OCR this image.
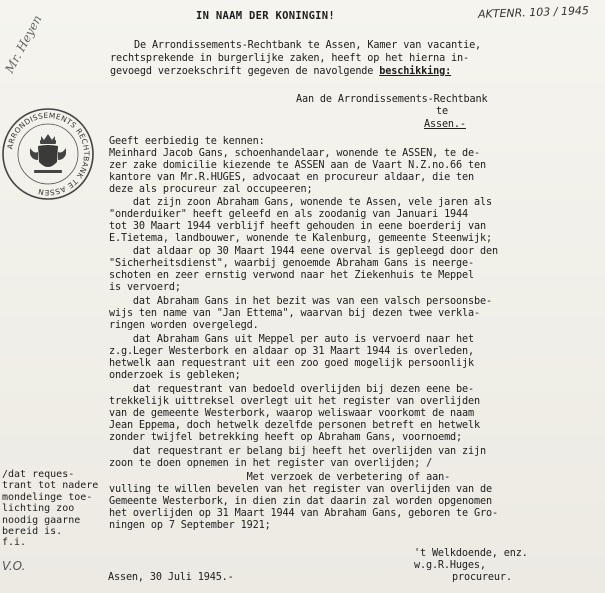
Mr. Heyen	IN NAAM DER KONINGIN!	AKTENR. 103 / 1945
ARRONDISSEMENTS RECHTBANK TE ASSEN
De Arrondissements-Rechtbank te Assen, Kamer van vacantie,
rechtsprekende in burgerlijke zaken, heeft op het hierna in-
gevoegd verzoekschrift gegeven de navolgende beschikking:
Aan de Arrondissements-Rechtbank
te
Assen.-
Geeft eerbiedig te kennen:
Meinhard Jacob Gans, schoenhandelaar, wonende te ASSEN, te de-
zer zake domicilie kiezende te ASSEN aan de Vaart N.Z.no.66 ten
kantore van Mr.R.HUGES, advocaat en procureur aldaar, die ten
deze als procureur zal occupeeren;
dat zijn zoon Abraham Gans, wonende te Assen, vele jaren als
"onderduiker" heeft geleefd en als zoodanig van Januari 1944
tot 30 Maart 1944 verblijf heeft gehouden in eene boerderij van
E.Tietema, landbouwer, wonende te Kalenburg, gemeente Steenwijk;
dat aldaar op 30 Maart 1944 eene overval is gepleegd door den
"Sicherheitsdienst", waarbij genoemde Abraham Gans is neerge-
schoten en zeer ernstig verwond naar het Ziekenhuis te Meppel
is vervoerd;
dat Abraham Gans in het bezit was van een valsch persoonsbe-
wijs ten name van "Jan Ettema", waarvan bij dezen twee verkla-
ringen worden overgelegd.
dat Abraham Gans uit Meppel per auto is vervoerd naar het
z.g.Leger Westerbork en aldaar op 31 Maart 1944 is overleden,
hetwelk aan requestrant uit een zoo goed mogelijk persoonlijk
onderzoek is gebleken;
dat requestrant van bedoeld overlijden bij dezen eene be-
trekkelijk uittreksel overlegt uit het register van overlijden
van de gemeente Westerbork, waarop weliswaar voorkomt de naam
Jean Eppema, doch hetwelk dezelfde personen betreft en hetwelk
zonder twijfel betrekking heeft op Abraham Gans, voornoemd;
dat requestrant er belang bij heeft het overlijden van zijn
zoon te doen opnemen in het register van overlijden; /
Met verzoek de verbetering of aan-
vulling te willen bevelen van het register van overlijden van de
Gemeente Westerbork, in dien zin dat daarin zal worden opgenomen
het overlijden op 31 Maart 1944 van Abraham Gans, geboren te Gro-
ningen op 7 September 1921;
/dat reques-
trant tot nadere
mondelinge toe-
lichting zoo
noodig gaarne
bereid is.
f.i.
V.O.
't Welkdoende, enz.
w.g.R.Huges,
procureur.
Assen, 30 Juli 1945.-
